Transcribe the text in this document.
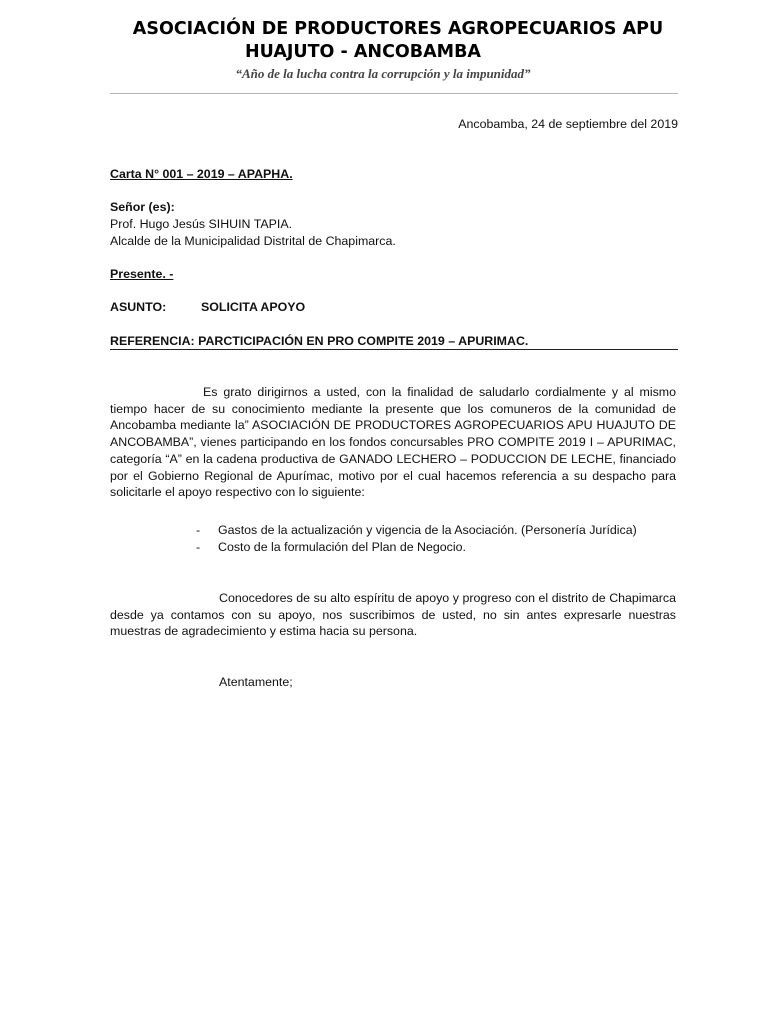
ASOCIACIÓN DE PRODUCTORES AGROPECUARIOS APU
HUAJUTO - ANCOBAMBA
“Año de la lucha contra la corrupción y la impunidad”
Ancobamba, 24 de septiembre del 2019
Carta N° 001 – 2019 – APAPHA.
Señor (es):
Prof. Hugo Jesús SIHUIN TAPIA.
Alcalde de la Municipalidad Distrital de Chapimarca.
Presente. -
ASUNTO:	SOLICITA APOYO
REFERENCIA: PARCTICIPACIÓN EN PRO COMPITE 2019 – APURIMAC.
Es grato dirigirnos a usted, con la finalidad de saludarlo cordialmente y al mismo tiempo hacer de su conocimiento mediante la presente que los comuneros de la comunidad de Ancobamba mediante la” ASOCIACIÓN DE PRODUCTORES AGROPECUARIOS APU HUAJUTO DE ANCOBAMBA”, vienes participando en los fondos concursables PRO COMPITE 2019 I – APURIMAC, categoría “A” en la cadena productiva de GANADO LECHERO – PODUCCION DE LECHE, financiado por el Gobierno Regional de Apurímac, motivo por el cual hacemos referencia a su despacho para solicitarle el apoyo respectivo con lo siguiente:
- Gastos de la actualización y vigencia de la Asociación. (Personería Jurídica)
- Costo de la formulación del Plan de Negocio.
Conocedores de su alto espíritu de apoyo y progreso con el distrito de Chapimarca desde ya contamos con su apoyo, nos suscribimos de usted, no sin antes expresarle nuestras muestras de agradecimiento y estima hacia su persona.
Atentamente;
